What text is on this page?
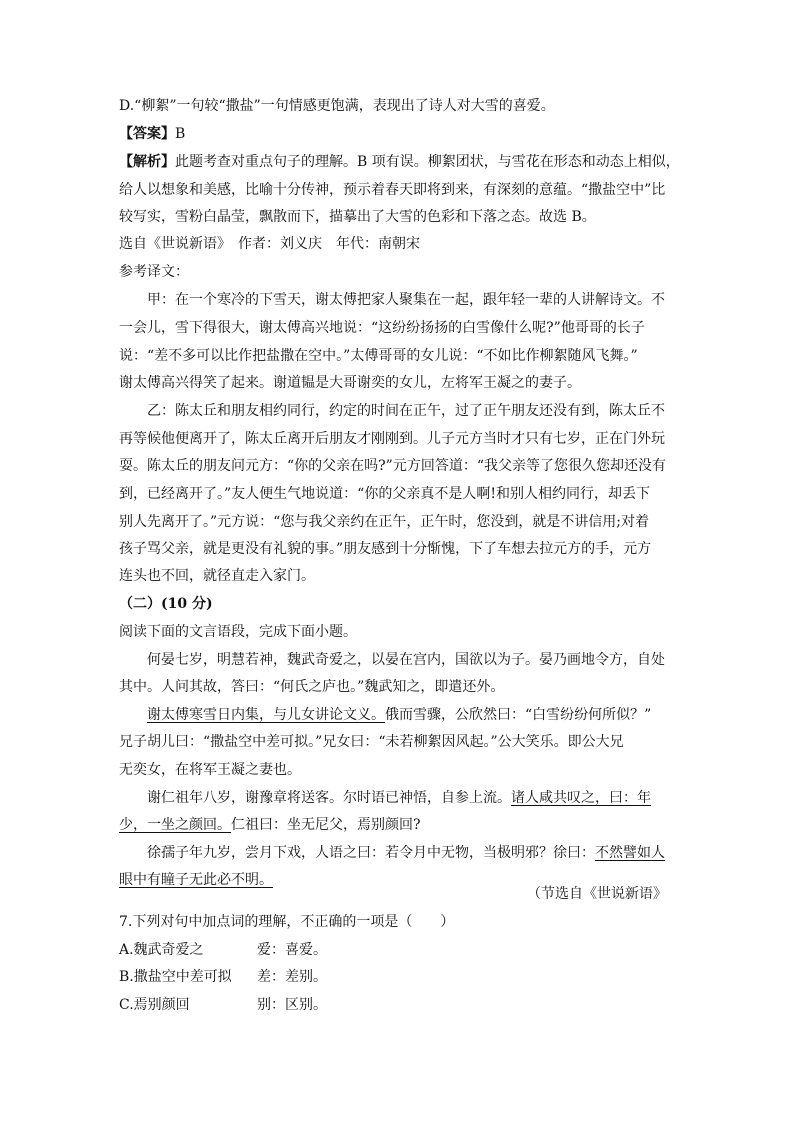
D.“柳絮”一句较“撒盐”一句情感更饱满，表现出了诗人对大雪的喜爱。
【答案】B
【解析】此题考查对重点句子的理解。B 项有误。柳絮团状，与雪花在形态和动态上相似，
给人以想象和美感，比喻十分传神，预示着春天即将到来，有深刻的意蕴。“撒盐空中”比
较写实，雪粉白晶莹，飘散而下，描摹出了大雪的色彩和下落之态。故选 B。
选自《世说新语》　作者：刘义庆　年代：南朝宋
参考译文：
甲：在一个寒冷的下雪天，谢太傅把家人聚集在一起，跟年轻一辈的人讲解诗文。不
一会儿，雪下得很大，谢太傅高兴地说：“这纷纷扬扬的白雪像什么呢?”他哥哥的长子
说：“差不多可以比作把盐撒在空中。”太傅哥哥的女儿说：“不如比作柳絮随风飞舞。”
谢太傅高兴得笑了起来。谢道韫是大哥谢奕的女儿，左将军王凝之的妻子。
乙：陈太丘和朋友相约同行，约定的时间在正午，过了正午朋友还没有到，陈太丘不
再等候他便离开了，陈太丘离开后朋友才刚刚到。儿子元方当时才只有七岁，正在门外玩
耍。陈太丘的朋友问元方：“你的父亲在吗?”元方回答道：“我父亲等了您很久您却还没有
到，已经离开了。”友人便生气地说道：“你的父亲真不是人啊!和别人相约同行，却丢下
别人先离开了。”元方说：“您与我父亲约在正午，正午时，您没到，就是不讲信用;对着
孩子骂父亲，就是更没有礼貌的事。”朋友感到十分惭愧，下了车想去拉元方的手，元方
连头也不回，就径直走入家门。
（二）(10 分)
阅读下面的文言语段，完成下面小题。
何晏七岁，明慧若神，魏武奇爱之，以晏在宫内，国欲以为子。晏乃画地令方，自处
其中。人问其故，答曰：“何氏之庐也。”魏武知之，即遣还外。
谢太傅寒雪日内集，与儿女讲论文义。俄而雪骤，公欣然曰：“白雪纷纷何所似？”
兄子胡儿曰：“撒盐空中差可拟。”兄女曰：“未若柳絮因风起。”公大笑乐。即公大兄
无奕女，在将军王凝之妻也。
谢仁祖年八岁，谢豫章将送客。尔时语已神悟，自参上流。诸人咸共叹之，曰：年
少，一坐之颜回。仁祖曰：坐无尼父，焉别颜回?
徐孺子年九岁，尝月下戏，人语之曰：若令月中无物，当极明邪？徐曰：不然譬如人
眼中有瞳子无此必不明。
（节选自《世说新语》
7.下列对句中加点词的理解，不正确的一项是（　　）
A.魏武奇爱之	爱：喜爱。
B.撒盐空中差可拟 差：差别。
C.焉别颜回	别：区别。
